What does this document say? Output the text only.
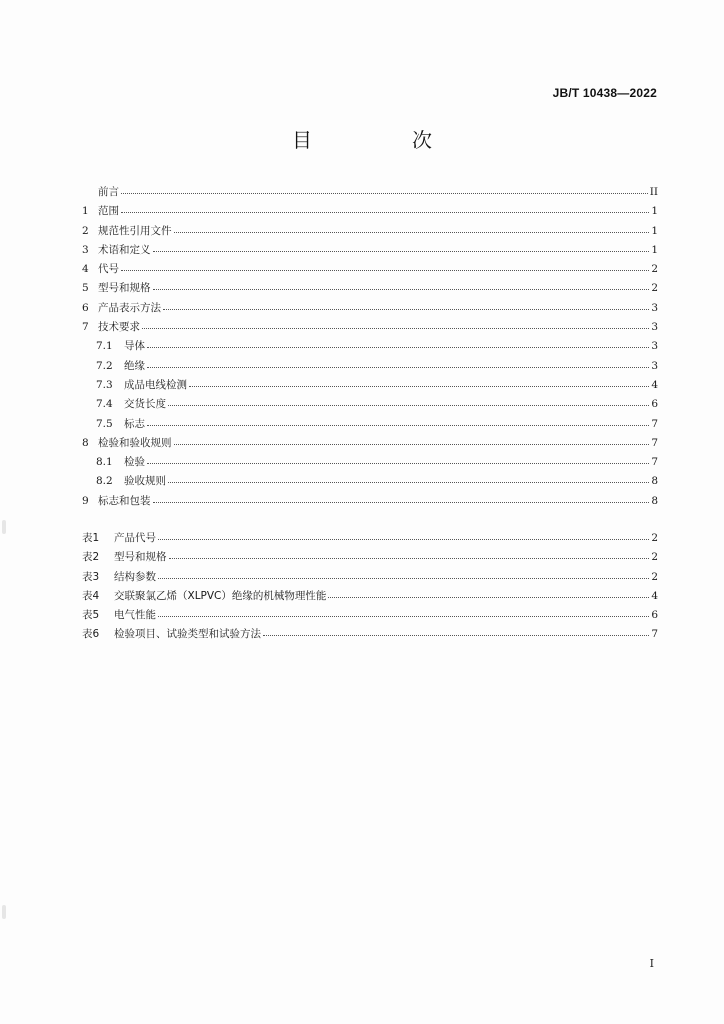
JB/T 10438—2022
目　次
前言	II
1 范围	1
2 规范性引用文件	1
3 术语和定义	1
4 代号	2
5 型号和规格	2
6 产品表示方法	3
7 技术要求	3
7.1	导体	3
7.2	绝缘	3
7.3	成品电线检测	4
7.4	交货长度	6
7.5	标志	7
8 检验和验收规则	7
8.1	检验	7
8.2	验收规则	8
9 标志和包装	8
表1	产品代号	2
表2	型号和规格	2
表3	结构参数	2
表4	交联聚氯乙烯（XLPVC）绝缘的机械物理性能	4
表5	电气性能	6
表6	检验项目、试验类型和试验方法	7
I
